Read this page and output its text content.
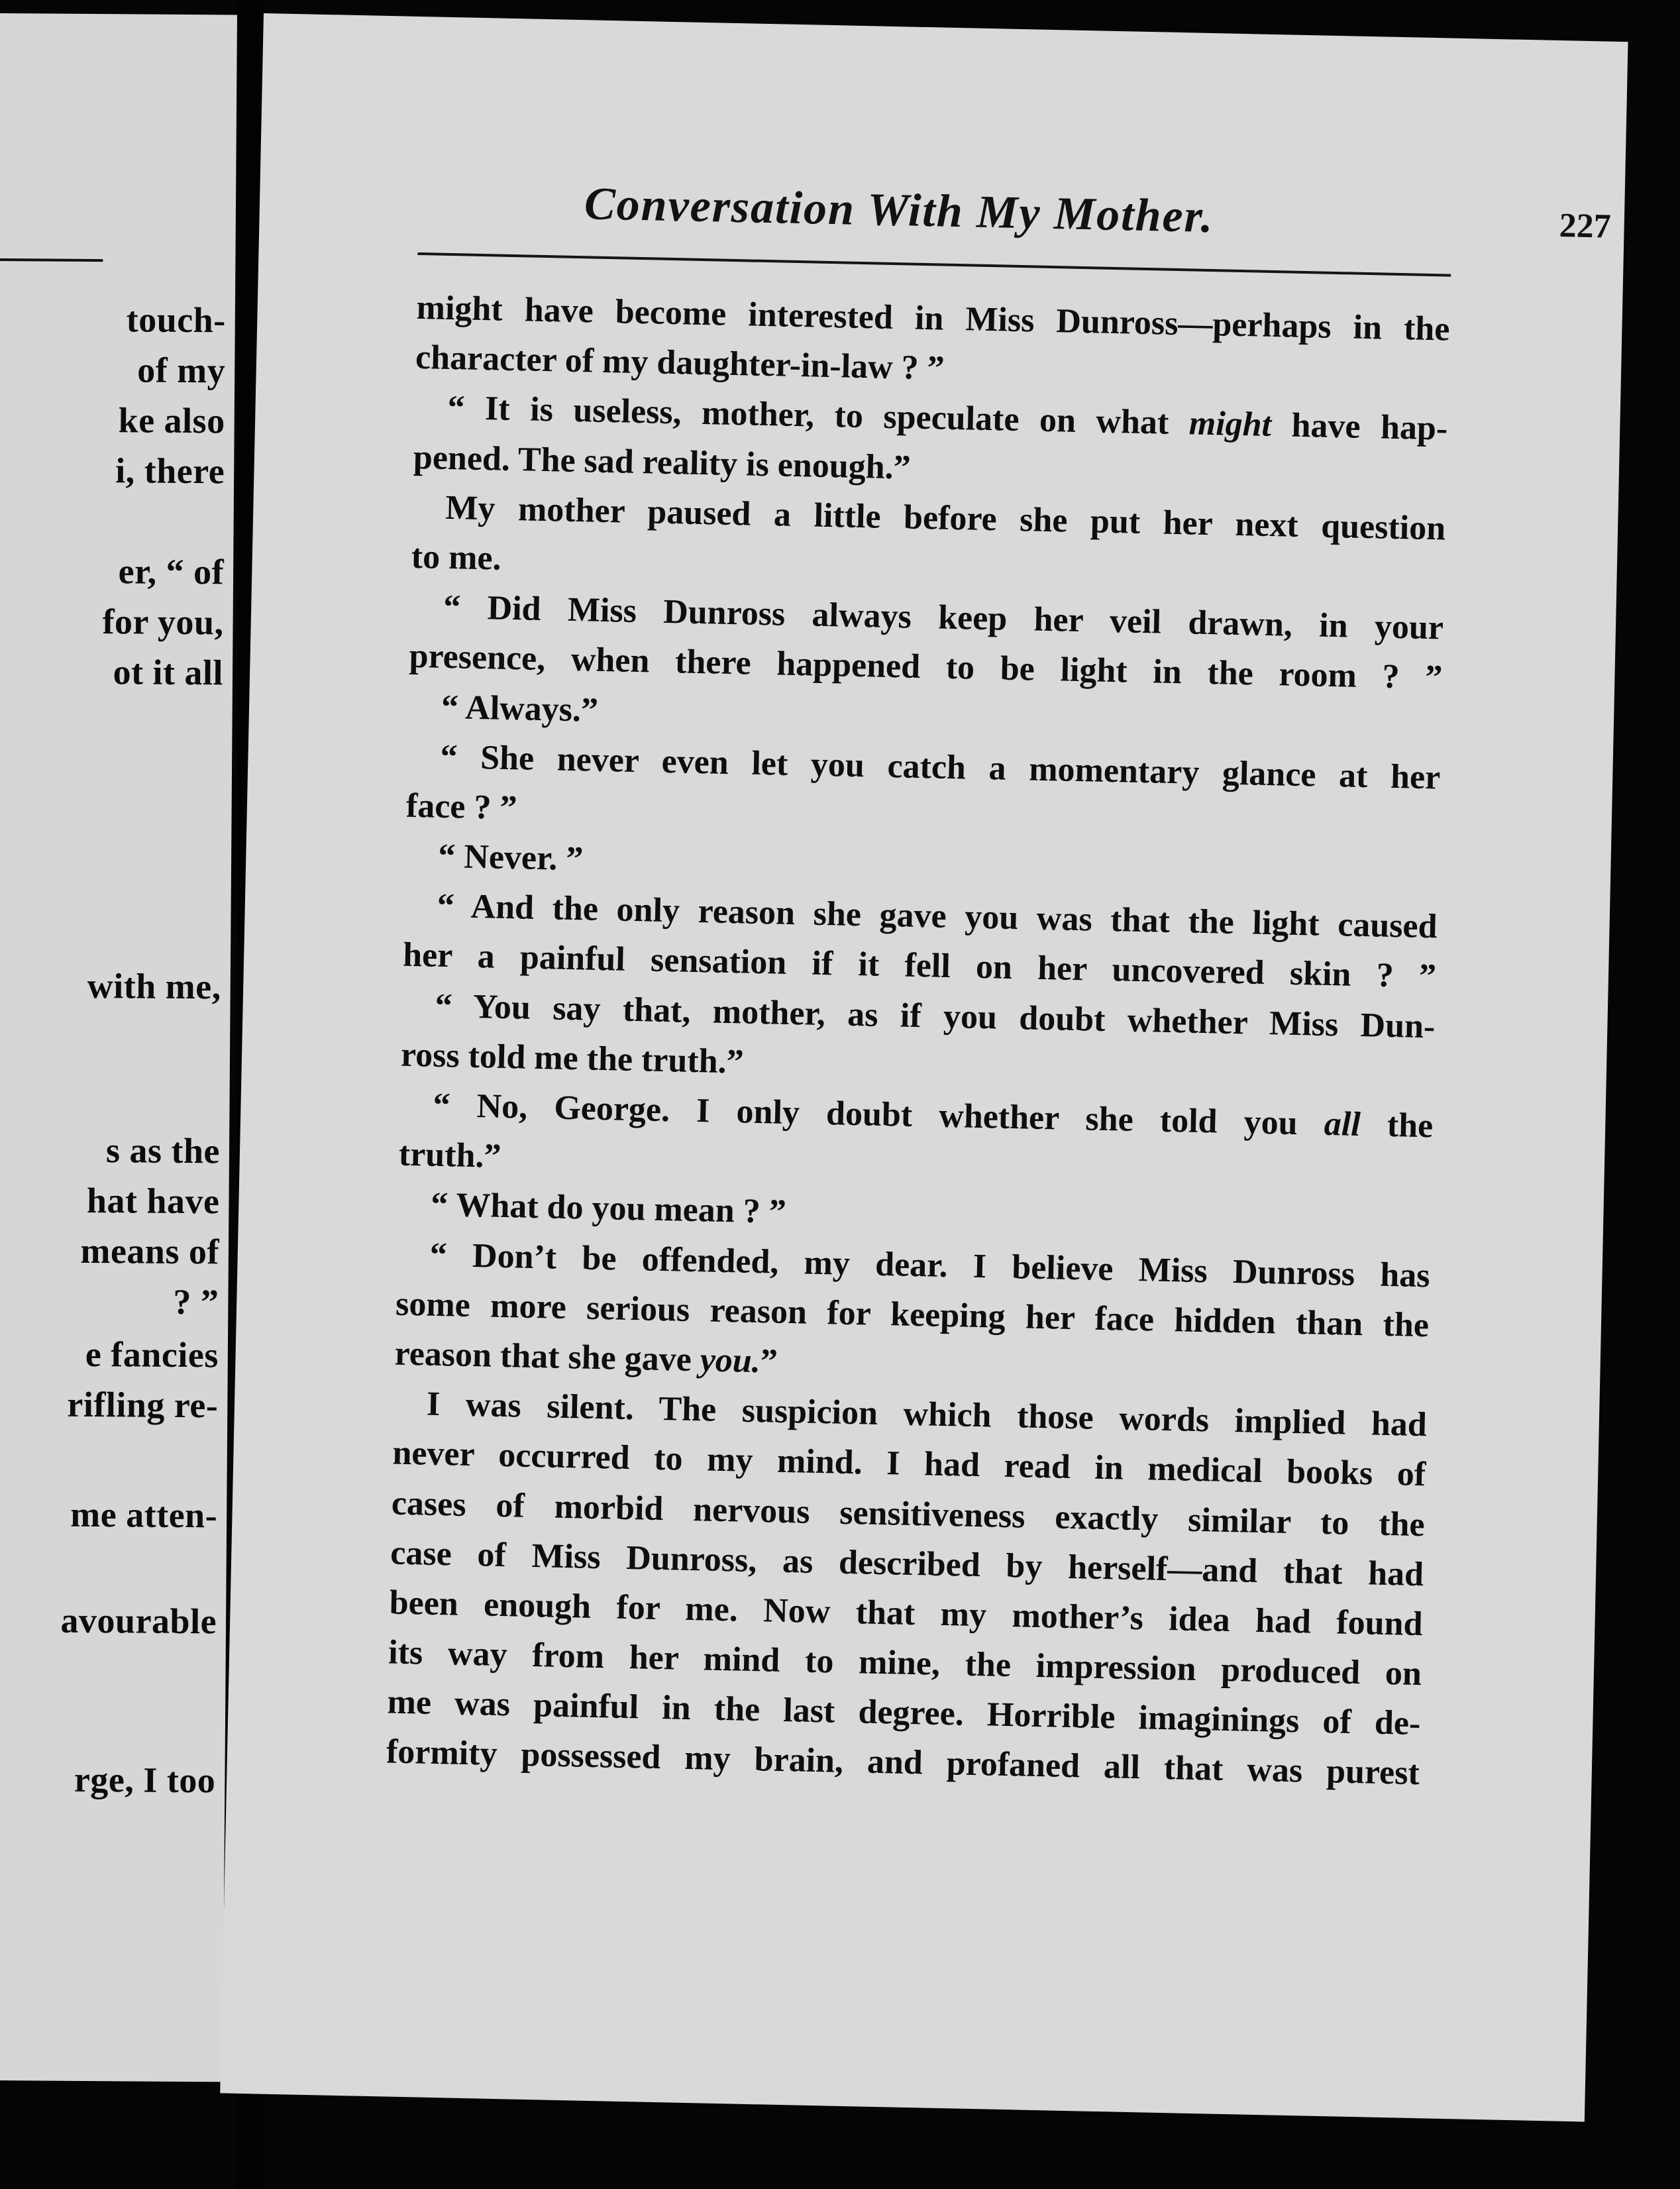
touch-
of my
ke also
i, there
er, “ of
for you,
ot it all
with me,
s as the
hat have
means of
? ”
e fancies
rifling re-
me atten-
avourable
rge, I too
Conversation With My Mother.	227
might have become interested in Miss Dunross—perhaps in the
character of my daughter-in-law ? ”
“ It is useless, mother, to speculate on what might have hap-
pened. The sad reality is enough.”
My mother paused a little before she put her next question
to me.
“ Did Miss Dunross always keep her veil drawn, in your
presence, when there happened to be light in the room ? ”
“ Always.”
“ She never even let you catch a momentary glance at her
face ? ”
“ Never. ”
“ And the only reason she gave you was that the light caused
her a painful sensation if it fell on her uncovered skin ? ”
“ You say that, mother, as if you doubt whether Miss Dun-
ross told me the truth.”
“ No, George. I only doubt whether she told you all the
truth.”
“ What do you mean ? ”
“ Don’t be offended, my dear. I believe Miss Dunross has
some more serious reason for keeping her face hidden than the
reason that she gave you.”
I was silent. The suspicion which those words implied had
never occurred to my mind. I had read in medical books of
cases of morbid nervous sensitiveness exactly similar to the
case of Miss Dunross, as described by herself—and that had
been enough for me. Now that my mother’s idea had found
its way from her mind to mine, the impression produced on
me was painful in the last degree. Horrible imaginings of de-
formity possessed my brain, and profaned all that was purest
